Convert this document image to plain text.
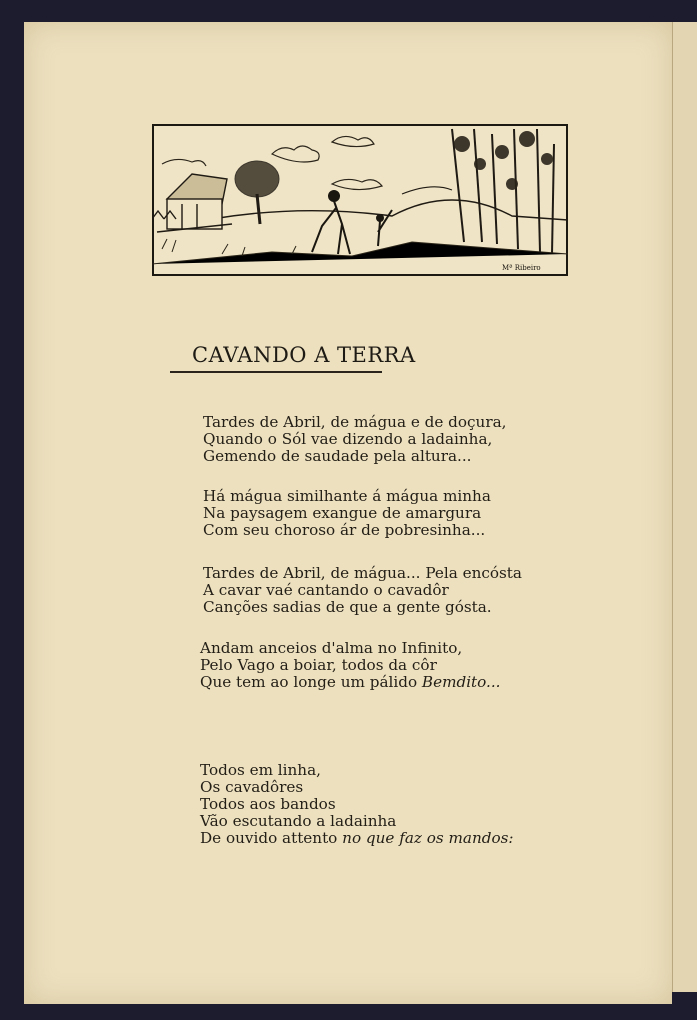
Mª Ribeiro
CAVANDO A TERRA
Tardes de Abril, de mágua e de doçura,
Quando o Sól vae dizendo a ladainha,
Gemendo de saudade pela altura...
Há mágua similhante á mágua minha
Na paysagem exangue de amargura
Com seu choroso ár de pobresinha...
Tardes de Abril, de mágua... Pela encósta
A cavar vaé cantando o cavadôr
Canções sadias de que a gente gósta.
Andam anceios d'alma no Infinito,
Pelo Vago a boiar, todos da côr
Que tem ao longe um pálido Bemdito...
Todos em linha,
Os cavadôres
Todos aos bandos
Vão escutando a ladainha
De ouvido attento no que faz os mandos:
